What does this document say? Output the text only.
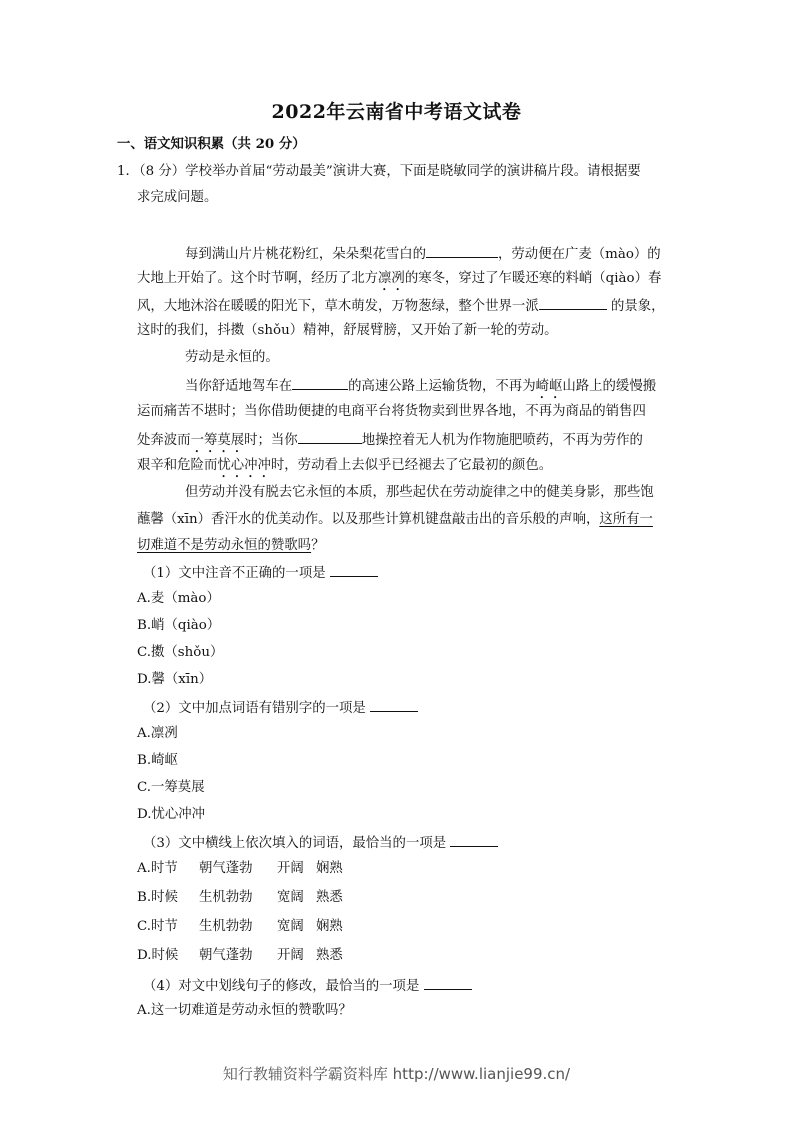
2022年云南省中考语文试卷
一、语文知识积累（共 20 分）
1．（8 分）学校举办首届“劳动最美”演讲大赛，下面是晓敏同学的演讲稿片段。请根据要
求完成问题。
每到满山片片桃花粉红，朵朵梨花雪白的	，劳动便在广麦（mào）的
大地上开始了。这个时节啊，经历了北方凛冽的寒冬，穿过了乍暖还寒的料峭（qiào）春
风，大地沐浴在暖暖的阳光下，草木萌发，万物葱绿，整个世界一派	的景象，
这时的我们，抖擞（shǒu）精神，舒展臂膀，又开始了新一轮的劳动。
劳动是永恒的。
当你舒适地驾车在	的高速公路上运输货物，不再为崎岖山路上的缓慢搬
运而痛苦不堪时；当你借助便捷的电商平台将货物卖到世界各地，不再为商品的销售四
处奔波而一筹莫展时；当你	地操控着无人机为作物施肥喷药，不再为劳作的
艰辛和危险而忧心冲冲时，劳动看上去似乎已经褪去了它最初的颜色。
但劳动并没有脱去它永恒的本质，那些起伏在劳动旋律之中的健美身影，那些饱
蘸馨（xīn）香汗水的优美动作。以及那些计算机键盘敲击出的音乐般的声响，这所有一
切难道不是劳动永恒的赞歌吗？
（1）文中注音不正确的一项是
A.麦（mào）
B.峭（qiào）
C.擞（shǒu）
D.馨（xīn）
（2）文中加点词语有错别字的一项是
A.凛冽
B.崎岖
C.一筹莫展
D.忧心冲冲
（3）文中横线上依次填入的词语，最恰当的一项是
A.时节 朝气蓬勃 开阔 娴熟
B.时候 生机勃勃 宽阔 熟悉
C.时节 生机勃勃 宽阔 娴熟
D.时候 朝气蓬勃 开阔 熟悉
（4）对文中划线句子的修改，最恰当的一项是
A.这一切难道是劳动永恒的赞歌吗？
知行教辅资料学霸资料库 http://www.lianjie99.cn/
